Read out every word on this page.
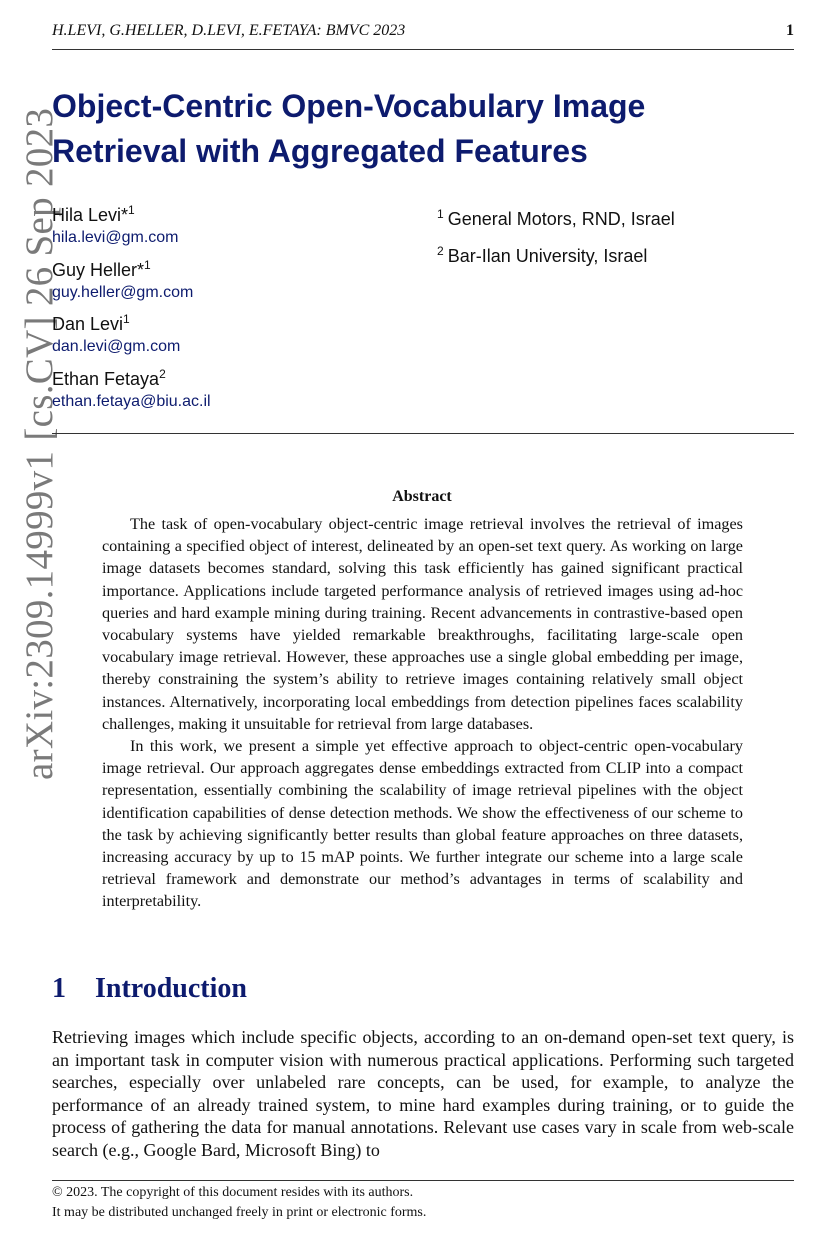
H.LEVI, G.HELLER, D.LEVI, E.FETAYA: BMVC 2023	1
arXiv:2309.14999v1 [cs.CV] 26 Sep 2023
Object-Centric Open-Vocabulary Image Retrieval with Aggregated Features
Hila Levi*$^1$
hila.levi@gm.com
Guy Heller*$^1$
guy.heller@gm.com
Dan Levi$^1$
dan.levi@gm.com
Ethan Fetaya$^2$
ethan.fetaya@biu.ac.il
$^1$ General Motors, RND, Israel
$^2$ Bar-Ilan University, Israel
Abstract

The task of open-vocabulary object-centric image retrieval involves the retrieval of images containing a specified object of interest, delineated by an open-set text query. As working on large image datasets becomes standard, solving this task efficiently has gained significant practical importance. Applications include targeted performance analysis of retrieved images using ad-hoc queries and hard example mining during training. Recent advancements in contrastive-based open vocabulary systems have yielded remarkable breakthroughs, facilitating large-scale open vocabulary image retrieval. However, these approaches use a single global embedding per image, thereby constraining the system’s ability to retrieve images containing relatively small object instances. Alternatively, incorporating local embeddings from detection pipelines faces scalability challenges, making it unsuitable for retrieval from large databases.

In this work, we present a simple yet effective approach to object-centric open-vocabulary image retrieval. Our approach aggregates dense embeddings extracted from CLIP into a compact representation, essentially combining the scalability of image retrieval pipelines with the object identification capabilities of dense detection methods. We show the effectiveness of our scheme to the task by achieving significantly better results than global feature approaches on three datasets, increasing accuracy by up to 15 mAP points. We further integrate our scheme into a large scale retrieval framework and demonstrate our method’s advantages in terms of scalability and interpretability.

1 Introduction

Retrieving images which include specific objects, according to an on-demand open-set text query, is an important task in computer vision with numerous practical applications. Performing such targeted searches, especially over unlabeled rare concepts, can be used, for example, to analyze the performance of an already trained system, to mine hard examples during training, or to guide the process of gathering the data for manual annotations. Relevant use cases vary in scale from web-scale search (e.g., Google Bard, Microsoft Bing) to

© 2023. The copyright of this document resides with its authors.
It may be distributed unchanged freely in print or electronic forms.
